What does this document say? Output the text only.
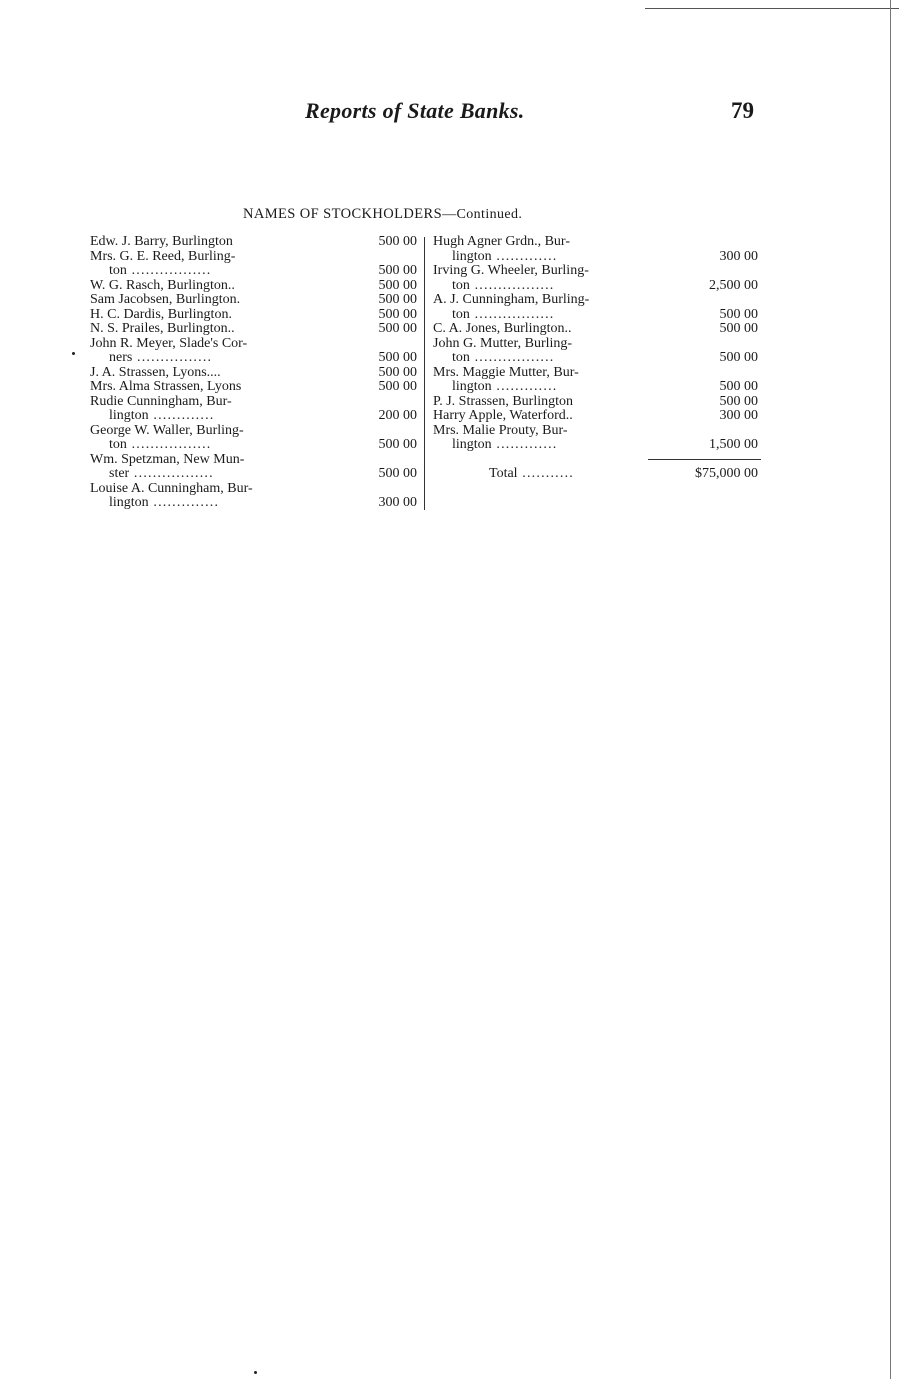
Reports of State Banks.	79
NAMES OF STOCKHOLDERS—Continued.
Edw. J. Barry, Burlington	500 00
Mrs. G. E. Reed, Burling-
ton .................	500 00
W. G. Rasch, Burlington..	500 00
Sam Jacobsen, Burlington.	500 00
H. C. Dardis, Burlington.	500 00
N. S. Prailes, Burlington..	500 00
John R. Meyer, Slade's Cor-
ners ................	500 00
J. A. Strassen, Lyons....	500 00
Mrs. Alma Strassen, Lyons	500 00
Rudie Cunningham, Bur-
lington .............	200 00
George W. Waller, Burling-
ton .................	500 00
Wm. Spetzman, New Mun-
ster .................	500 00
Louise A. Cunningham, Bur-
lington ..............	300 00
Hugh Agner Grdn., Bur-
lington .............	300 00
Irving G. Wheeler, Burling-
ton .................	2,500 00
A. J. Cunningham, Burling-
ton .................	500 00
C. A. Jones, Burlington..	500 00
John G. Mutter, Burling-
ton .................	500 00
Mrs. Maggie Mutter, Bur-
lington .............	500 00
P. J. Strassen, Burlington	500 00
Harry Apple, Waterford..	300 00
Mrs. Malie Prouty, Bur-
lington .............	1,500 00
Total ...........	$75,000 00
